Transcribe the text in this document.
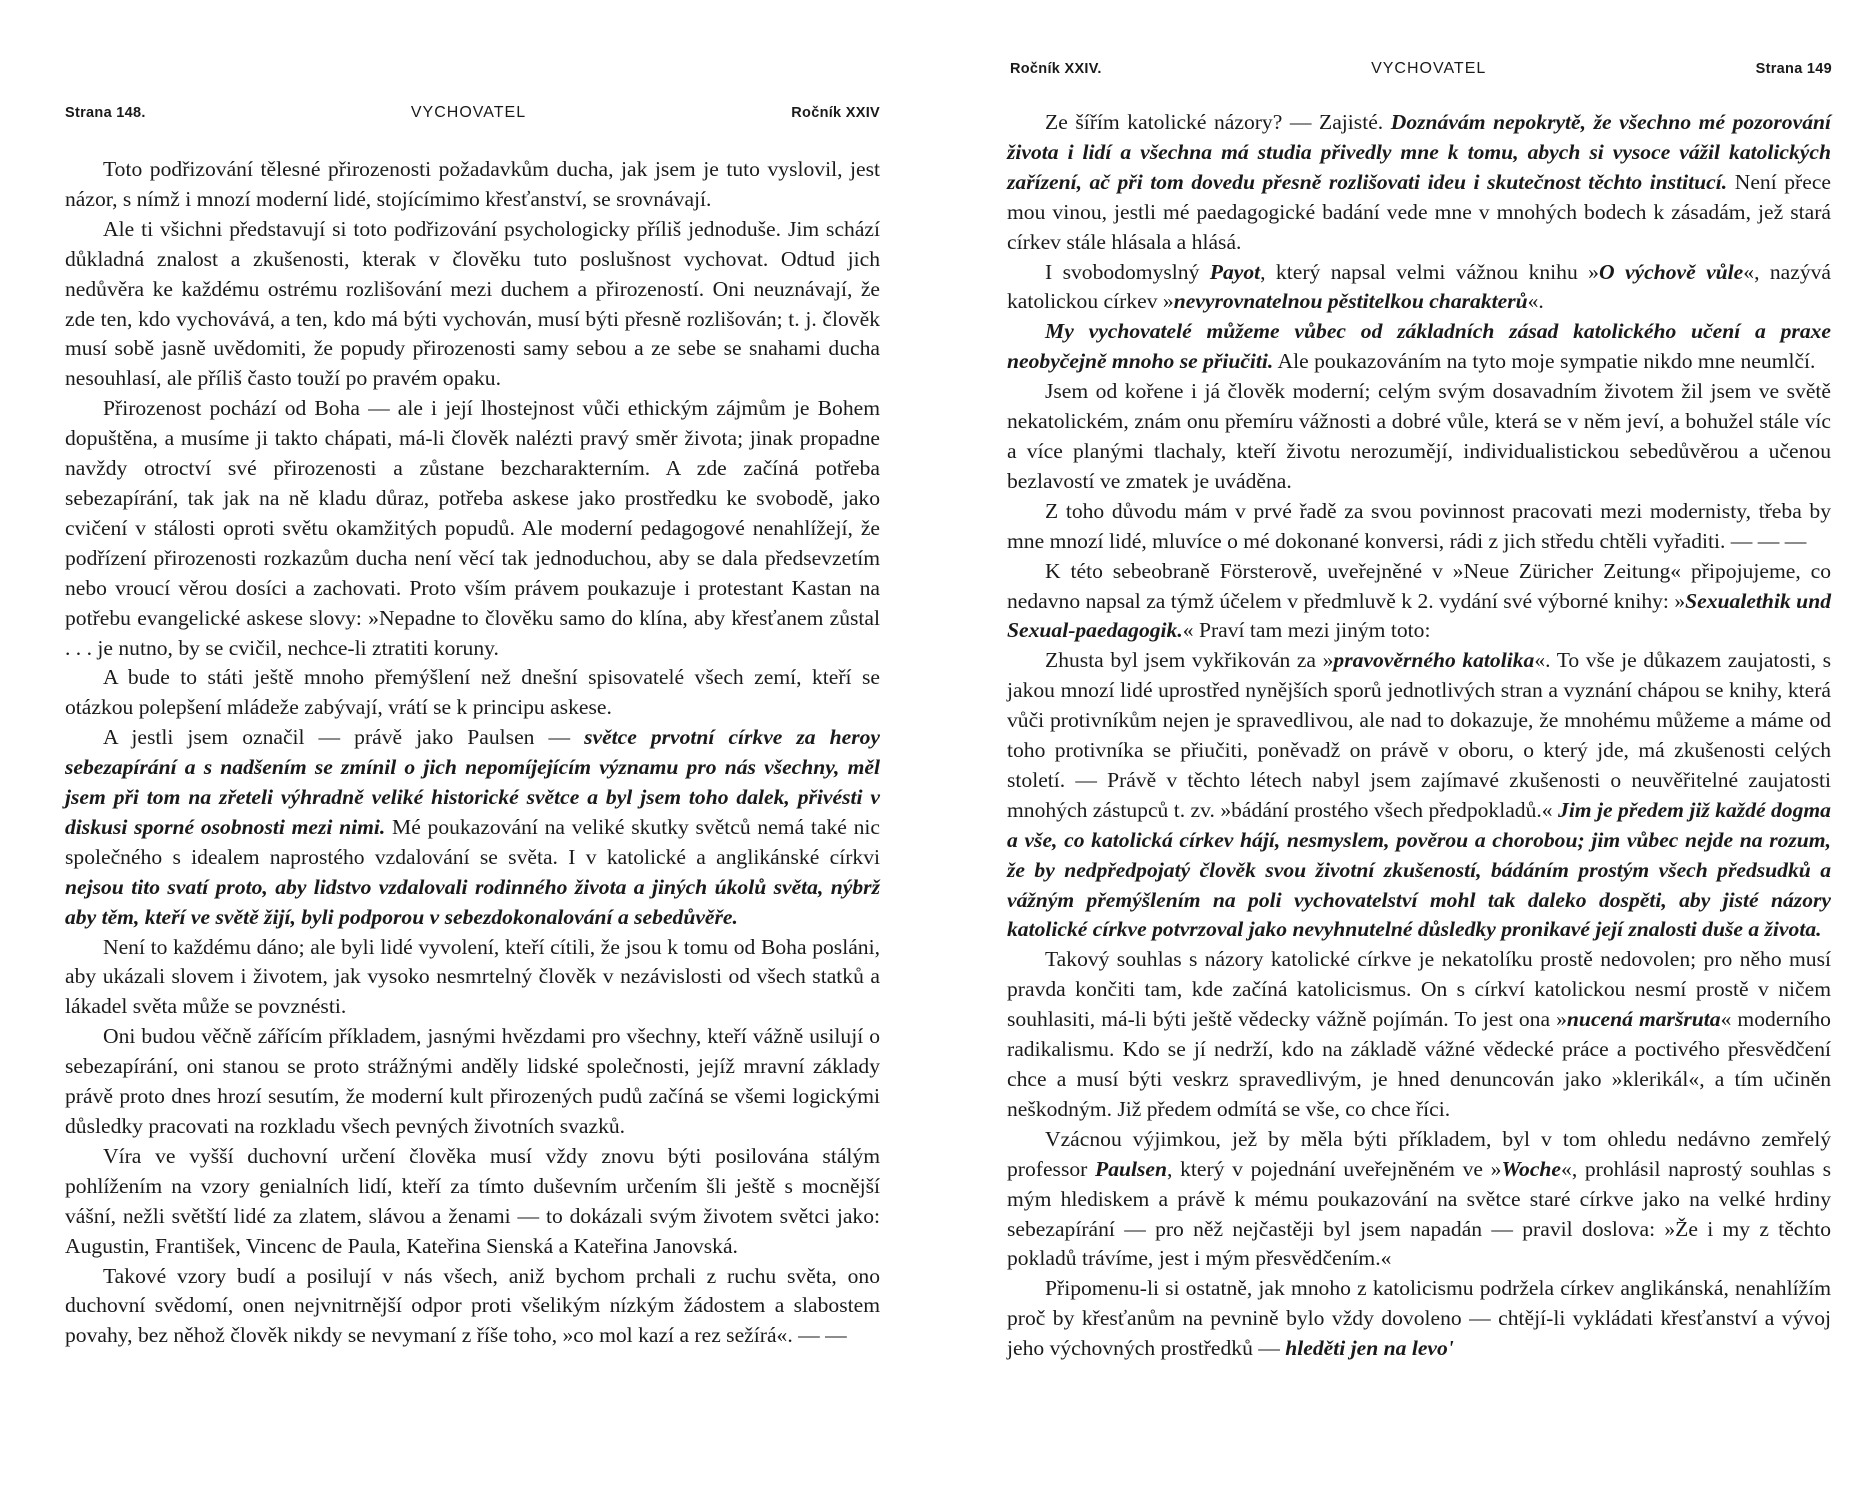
Strana 148.	VYCHOVATEL	Ročník XXIV

Toto podřizování tělesné přirozenosti požadavkům ducha, jak jsem je tuto vyslovil, jest názor, s nímž i mnozí moderní lidé, stojícímimo křesťanství, se srovnávají.

Ale ti všichni představují si toto podřizování psychologicky příliš jednoduše. Jim schází důkladná znalost a zkušenosti, kterak v člověku tuto poslušnost vychovat. Odtud jich nedůvěra ke každému ostrému rozlišování mezi duchem a přirozeností. Oni neuznávají, že zde ten, kdo vychovává, a ten, kdo má býti vychován, musí býti přesně rozlišován; t. j. člověk musí sobě jasně uvědomiti, že popudy přirozenosti samy sebou a ze sebe se snahami ducha nesouhlasí, ale příliš často touží po pravém opaku.

Přirozenost pochází od Boha — ale i její lhostejnost vůči ethickým zájmům je Bohem dopuštěna, a musíme ji takto chápati, má-li člověk nalézti pravý směr života; jinak propadne navždy otroctví své přirozenosti a zůstane bezcharakterním. A zde začíná potřeba sebezapírání, tak jak na ně kladu důraz, potřeba askese jako prostředku ke svobodě, jako cvičení v stálosti oproti světu okamžitých popudů. Ale moderní pedagogové nenahlížejí, že podřízení přirozenosti rozkazům ducha není věcí tak jednoduchou, aby se dala předsevzetím nebo vroucí věrou dosíci a zachovati. Proto vším právem poukazuje i protestant Kastan na potřebu evangelické askese slovy: »Nepadne to člověku samo do klína, aby křesťanem zůstal . . . je nutno, by se cvičil, nechce-li ztratiti koruny.

A bude to státi ještě mnoho přemýšlení než dnešní spisovatelé všech zemí, kteří se otázkou polepšení mládeže zabývají, vrátí se k principu askese.

A jestli jsem označil — právě jako Paulsen — světce prvotní církve za heroy sebezapírání a s nadšením se zmínil o jich nepomíjejícím významu pro nás všechny, měl jsem při tom na zřeteli výhradně veliké historické světce a byl jsem toho dalek, přivésti v diskusi sporné osobnosti mezi nimi. Mé poukazování na veliké skutky světců nemá také nic společného s idealem naprostého vzdalování se světa. I v katolické a anglikánské církvi nejsou tito svatí proto, aby lidstvo vzdalovali rodinného života a jiných úkolů světa, nýbrž aby těm, kteří ve světě žijí, byli podporou v sebezdokonalování a sebedůvěře.

Není to každému dáno; ale byli lidé vyvolení, kteří cítili, že jsou k tomu od Boha posláni, aby ukázali slovem i životem, jak vysoko nesmrtelný člověk v nezávislosti od všech statků a lákadel světa může se povznésti.

Oni budou věčně zářícím příkladem, jasnými hvězdami pro všechny, kteří vážně usilují o sebezapírání, oni stanou se proto strážnými anděly lidské společnosti, jejíž mravní základy právě proto dnes hrozí sesutím, že moderní kult přirozených pudů začíná se všemi logickými důsledky pracovati na rozkladu všech pevných životních svazků.

Víra ve vyšší duchovní určení člověka musí vždy znovu býti posilována stálým pohlížením na vzory genialních lidí, kteří za tímto duševním určením šli ještě s mocnější vášní, nežli světští lidé za zlatem, slávou a ženami — to dokázali svým životem světci jako: Augustin, František, Vincenc de Paula, Kateřina Sienská a Kateřina Janovská.

Takové vzory budí a posilují v nás všech, aniž bychom prchali z ruchu světa, ono duchovní svědomí, onen nejvnitrnější odpor proti všelikým nízkým žádostem a slabostem povahy, bez něhož člověk nikdy se nevymaní z říše toho, »co mol kazí a rez sežírá«. — —

Ročník XXIV.	VYCHOVATEL	Strana 149

Ze šířím katolické názory? — Zajisté. Doznávám nepokrytě, že všechno mé pozorování života i lidí a všechna má studia přivedly mne k tomu, abych si vysoce vážil katolických zařízení, ač při tom dovedu přesně rozlišovati ideu i skutečnost těchto institucí. Není přece mou vinou, jestli mé paedagogické badání vede mne v mnohých bodech k zásadám, jež stará církev stále hlásala a hlásá.

I svobodomyslný Payot, který napsal velmi vážnou knihu »O výchově vůle«, nazývá katolickou církev »nevyrovnatelnou pěstitelkou charakterů«.

My vychovatelé můžeme vůbec od základních zásad katolického učení a praxe neobyčejně mnoho se přiučiti. Ale poukazováním na tyto moje sympatie nikdo mne neumlčí.

Jsem od kořene i já člověk moderní; celým svým dosavadním životem žil jsem ve světě nekatolickém, znám onu přemíru vážnosti a dobré vůle, která se v něm jeví, a bohužel stále víc a více planými tlachaly, kteří životu nerozumějí, individualistickou sebedůvěrou a učenou bezlavostí ve zmatek je uváděna.

Z toho důvodu mám v prvé řadě za svou povinnost pracovati mezi modernisty, třeba by mne mnozí lidé, mluvíce o mé dokonané konversi, rádi z jich středu chtěli vyřaditi. — — —

K této sebeobraně Försterově, uveřejněné v »Neue Züricher Zeitung« připojujeme, co nedavno napsal za týmž účelem v předmluvě k 2. vydání své výborné knihy: »Sexualethik und Sexual-paedagogik.« Praví tam mezi jiným toto:

Zhusta byl jsem vykřikován za »pravověrného katolika«. To vše je důkazem zaujatosti, s jakou mnozí lidé uprostřed nynějších sporů jednotlivých stran a vyznání chápou se knihy, která vůči protivníkům nejen je spravedlivou, ale nad to dokazuje, že mnohému můžeme a máme od toho protivníka se přiučiti, poněvadž on právě v oboru, o který jde, má zkušenosti celých století. — Právě v těchto létech nabyl jsem zajímavé zkušenosti o neuvěřitelné zaujatosti mnohých zástupců t. zv. »bádání prostého všech předpokladů.« Jim je předem již každé dogma a vše, co katolická církev hájí, nesmyslem, pověrou a chorobou; jim vůbec nejde na rozum, že by nedpředpojatý člověk svou životní zkušeností, bádáním prostým všech předsudků a vážným přemýšlením na poli vychovatelství mohl tak daleko dospěti, aby jisté názory katolické církve potvrzoval jako nevyhnutelné důsledky pronikavé její znalosti duše a života.

Takový souhlas s názory katolické církve je nekatolíku prostě nedovolen; pro něho musí pravda končiti tam, kde začíná katolicismus. On s církví katolickou nesmí prostě v ničem souhlasiti, má-li býti ještě vědecky vážně pojímán. To jest ona »nucená maršruta« moderního radikalismu. Kdo se jí nedrží, kdo na základě vážné vědecké práce a poctivého přesvědčení chce a musí býti veskrz spravedlivým, je hned denuncován jako »klerikál«, a tím učiněn neškodným. Již předem odmítá se vše, co chce říci.

Vzácnou výjimkou, jež by měla býti příkladem, byl v tom ohledu nedávno zemřelý professor Paulsen, který v pojednání uveřejněném ve »Woche«, prohlásil naprostý souhlas s mým hlediskem a právě k mému poukazování na světce staré církve jako na velké hrdiny sebezapírání — pro něž nejčastěji byl jsem napadán — pravil doslova: »Že i my z těchto pokladů trávíme, jest i mým přesvědčením.«

Připomenu-li si ostatně, jak mnoho z katolicismu podržela církev anglikánská, nenahlížím proč by křesťanům na pevnině bylo vždy dovoleno — chtějí-li vykládati křesťanství a vývoj jeho výchovných prostředků — hleděti jen na levo'
